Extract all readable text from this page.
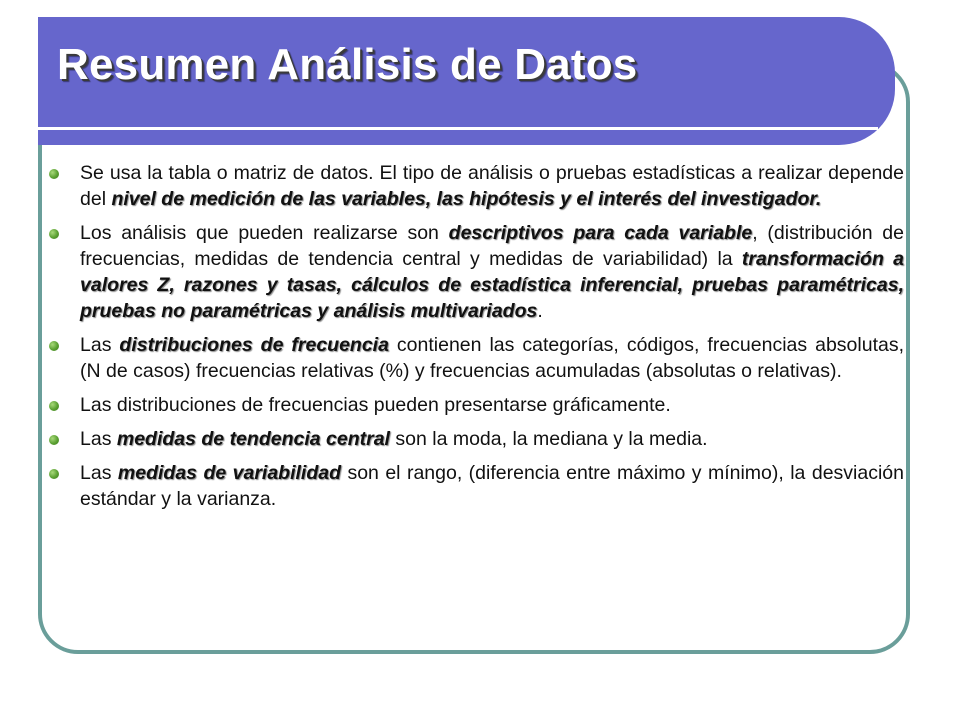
Resumen Análisis de Datos
Se usa la tabla o matriz de datos. El tipo de análisis o pruebas estadísticas a realizar depende del nivel de medición de las variables, las hipótesis y el interés del investigador.
Los análisis que pueden realizarse son descriptivos para cada variable, (distribución de frecuencias, medidas de tendencia central y medidas de variabilidad) la transformación a valores Z, razones y tasas, cálculos de estadística inferencial, pruebas paramétricas, pruebas no paramétricas y análisis multivariados.
Las distribuciones de frecuencia contienen las categorías, códigos, frecuencias absolutas, (N de casos) frecuencias relativas (%) y frecuencias acumuladas (absolutas o relativas).
Las distribuciones de frecuencias pueden presentarse gráficamente.
Las medidas de tendencia central son la moda, la mediana y la media.
Las medidas de variabilidad son el rango, (diferencia entre máximo y mínimo), la desviación estándar y la varianza.
